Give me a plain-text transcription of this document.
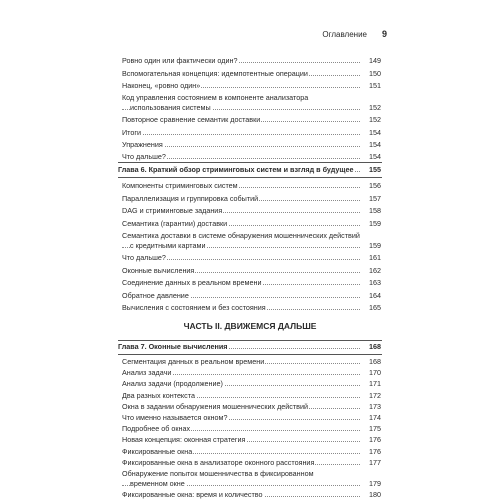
Оглавление 9
Ровно один или фактически один?	149
Вспомогательная концепция: идемпотентные операции	150
Наконец, «ровно один»	151
Код управления состоянием в компоненте анализатора
использования системы	152
Повторное сравнение семантик доставки	152
Итоги	154
Упражнения	154
Что дальше?	154
Глава 6. Краткий обзор стриминговых систем и взгляд в будущее 155
Компоненты стриминговых систем	156
Параллелизация и группировка событий	157
DAG и стриминговые задания	158
Семантика (гарантии) доставки	159
Семантика доставки в системе обнаружения мошеннических действий
с кредитными картами	159
Что дальше?	161
Оконные вычисления	162
Соединение данных в реальном времени	163
Обратное давление	164
Вычисления с состоянием и без состояния	165
ЧАСТЬ II. ДВИЖЕМСЯ ДАЛЬШЕ
Глава 7. Оконные вычисления	168
Сегментация данных в реальном времени	168
Анализ задачи	170
Анализ задачи (продолжение)	171
Два разных контекста	172
Окна в задании обнаружения мошеннических действий	173
Что именно называется окном?	174
Подробнее об окнах	175
Новая концепция: оконная стратегия	176
Фиксированные окна	176
Фиксированные окна в анализаторе оконного расстояния	177
Обнаружение попыток мошенничества в фиксированном
временном окне	179
Фиксированные окна: время и количество	180
